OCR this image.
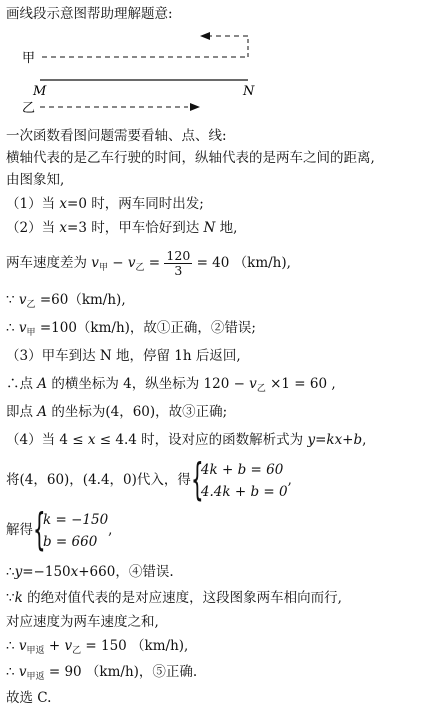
画线段示意图帮助理解题意:
甲
M	N
乙
一次函数看图问题需要看轴、点、线:
横轴代表的是乙车行驶的时间，纵轴代表的是两车之间的距离,
由图象知,
（1）当 x=0 时，两车同时出发;
（2）当 x=3 时，甲车恰好到达 N 地,
两车速度差为 $v_甲 - v_乙 = \frac{120}{3} = 40$ （km/h),
∵ $v_乙 =60(km/h)$,
∴ $v_甲 =100(km/h)$，故①正确，②错误;
（3）甲车到达 N 地，停留 1h 后返回,
∴点 A 的横坐标为 4，纵坐标为 $120 - v_乙 \times 1 = 60$ ,
即点 A 的坐标为(4，60)，故③正确;
（4）当 4 ≤ x ≤ 4.4 时，设对应的函数解析式为 y=kx+b,
将(4，60)，(4.4，0)代入，得 {
4k + b = 60
4.4k + b = 0
,
解得 {
k = −150
b = 660
,
∴y=−150x+660，④错误.
∵k 的绝对值代表的是对应速度，这段图象两车相向而行,
对应速度为两车速度之和,
∴ $v_{甲返} + v_乙 = 150$ （km/h),
∴ $v_{甲返} = 90$ （km/h)，⑤正确.
故选 C.
